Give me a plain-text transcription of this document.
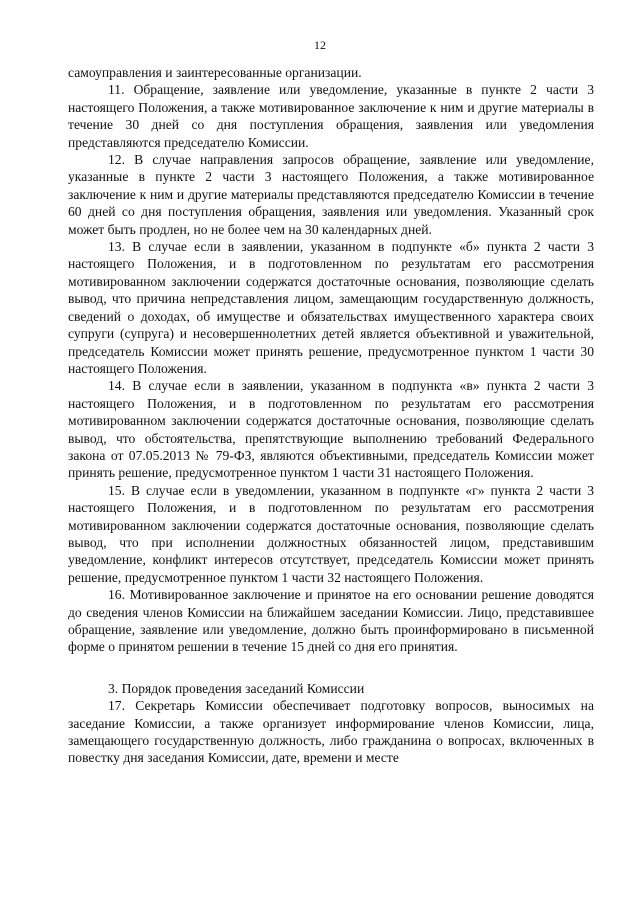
12

самоуправления и заинтересованные организации.

11. Обращение, заявление или уведомление, указанные в пункте 2 части 3 настоящего Положения, а также мотивированное заключение к ним и другие материалы в течение 30 дней со дня поступления обращения, заявления или уведомления представляются председателю Комиссии.

12. В случае направления запросов обращение, заявление или уведомление, указанные в пункте 2 части 3 настоящего Положения, а также мотивированное заключение к ним и другие материалы представляются председателю Комиссии в течение 60 дней со дня поступления обращения, заявления или уведомления. Указанный срок может быть продлен, но не более чем на 30 календарных дней.

13. В случае если в заявлении, указанном в подпункте «б» пункта 2 части 3 настоящего Положения, и в подготовленном по результатам его рассмотрения мотивированном заключении содержатся достаточные основания, позволяющие сделать вывод, что причина непредставления лицом, замещающим государственную должность, сведений о доходах, об имуществе и обязательствах имущественного характера своих супруги (супруга) и несовершеннолетних детей является объективной и уважительной, председатель Комиссии может принять решение, предусмотренное пунктом 1 части 30 настоящего Положения.

14. В случае если в заявлении, указанном в подпункта «в» пункта 2 части 3 настоящего Положения, и в подготовленном по результатам его рассмотрения мотивированном заключении содержатся достаточные основания, позволяющие сделать вывод, что обстоятельства, препятствующие выполнению требований Федерального закона от 07.05.2013 № 79-ФЗ, являются объективными, председатель Комиссии может принять решение, предусмотренное пунктом 1 части 31 настоящего Положения.

15. В случае если в уведомлении, указанном в подпункте «г» пункта 2 части 3 настоящего Положения, и в подготовленном по результатам его рассмотрения мотивированном заключении содержатся достаточные основания, позволяющие сделать вывод, что при исполнении должностных обязанностей лицом, представившим уведомление, конфликт интересов отсутствует, председатель Комиссии может принять решение, предусмотренное пунктом 1 части 32 настоящего Положения.

16. Мотивированное заключение и принятое на его основании решение доводятся до сведения членов Комиссии на ближайшем заседании Комиссии. Лицо, представившее обращение, заявление или уведомление, должно быть проинформировано в письменной форме о принятом решении в течение 15 дней со дня его принятия.

3. Порядок проведения заседаний Комиссии

17. Секретарь Комиссии обеспечивает подготовку вопросов, выносимых на заседание Комиссии, а также организует информирование членов Комиссии, лица, замещающего государственную должность, либо гражданина о вопросах, включенных в повестку дня заседания Комиссии, дате, времени и месте
